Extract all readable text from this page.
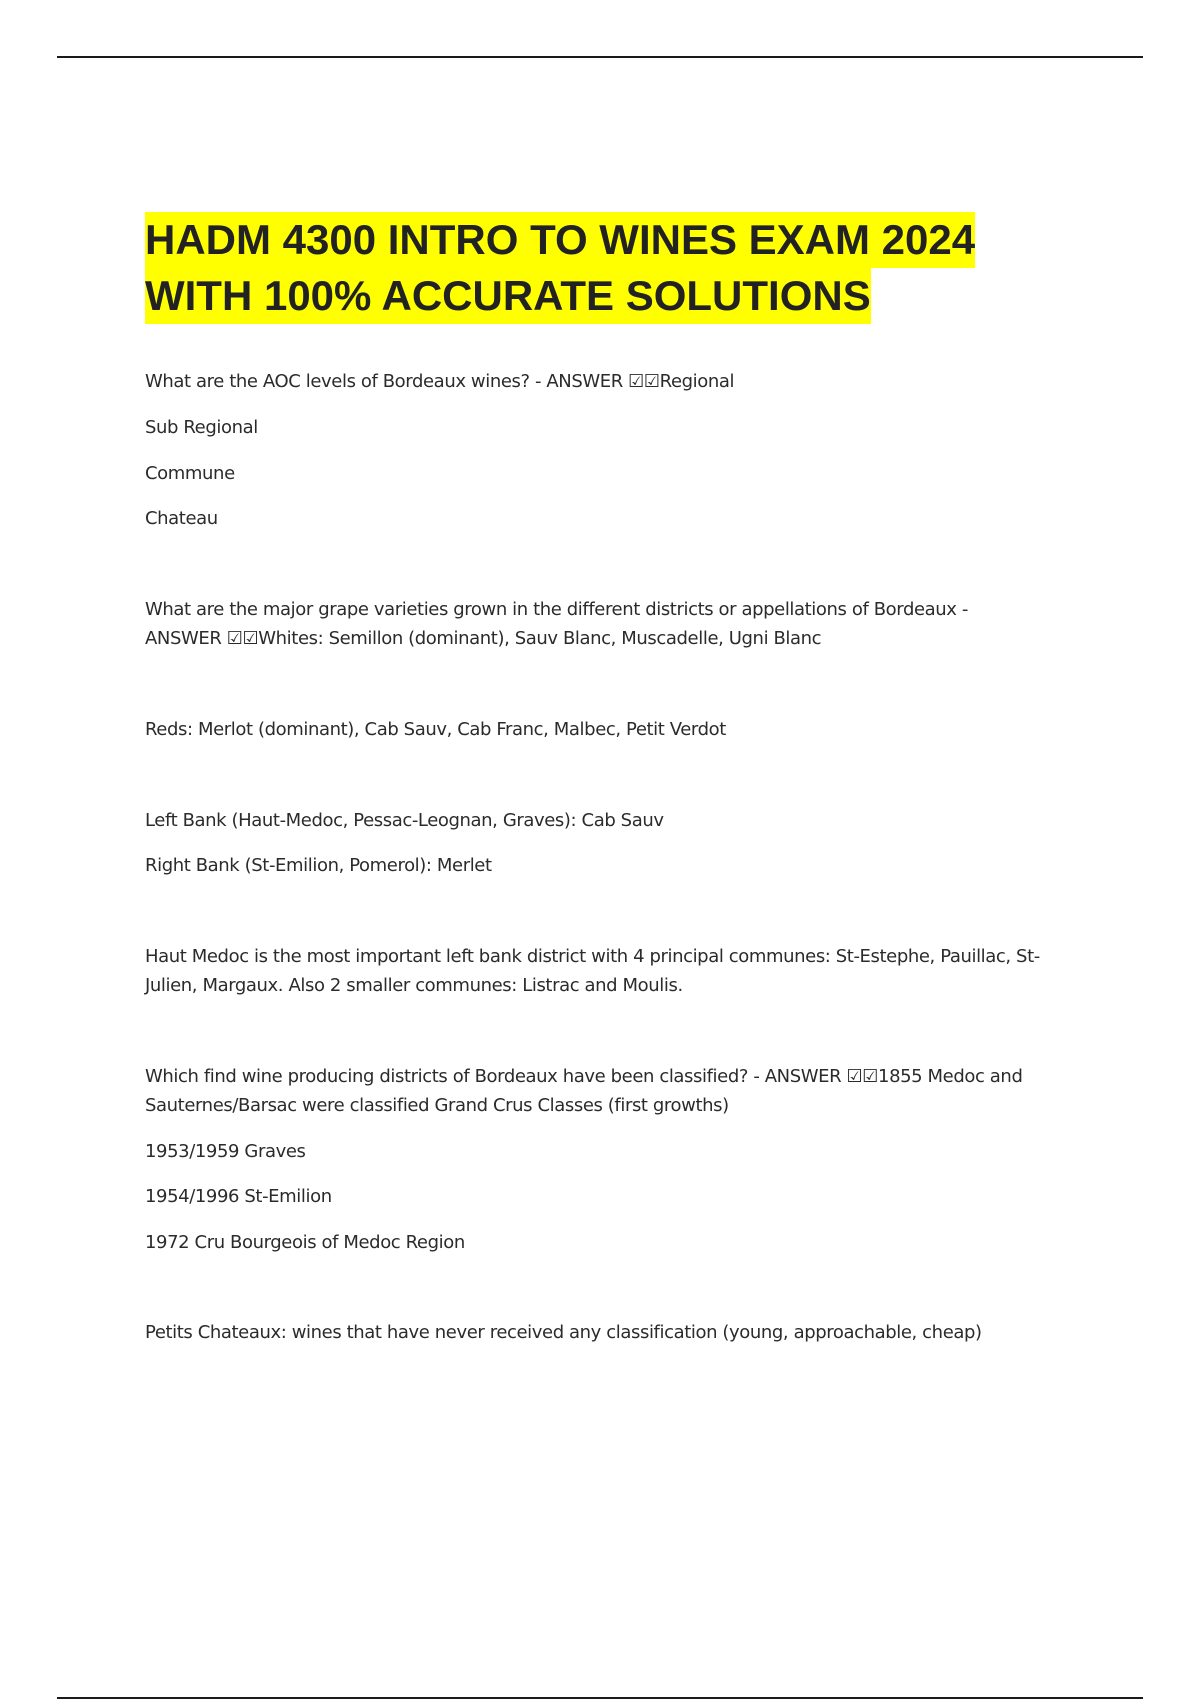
HADM 4300 INTRO TO WINES EXAM 2024
WITH 100% ACCURATE SOLUTIONS

What are the AOC levels of Bordeaux wines? - ANSWER ☑☑Regional

Sub Regional

Commune

Chateau

What are the major grape varieties grown in the different districts or appellations of Bordeaux -

ANSWER ☑☑Whites: Semillon (dominant), Sauv Blanc, Muscadelle, Ugni Blanc

Reds: Merlot (dominant), Cab Sauv, Cab Franc, Malbec, Petit Verdot

Left Bank (Haut-Medoc, Pessac-Leognan, Graves): Cab Sauv

Right Bank (St-Emilion, Pomerol): Merlet

Haut Medoc is the most important left bank district with 4 principal communes: St-Estephe, Pauillac, St-

Julien, Margaux. Also 2 smaller communes: Listrac and Moulis.

Which find wine producing districts of Bordeaux have been classified? - ANSWER ☑☑1855 Medoc and

Sauternes/Barsac were classified Grand Crus Classes (first growths)

1953/1959 Graves

1954/1996 St-Emilion

1972 Cru Bourgeois of Medoc Region

Petits Chateaux: wines that have never received any classification (young, approachable, cheap)
